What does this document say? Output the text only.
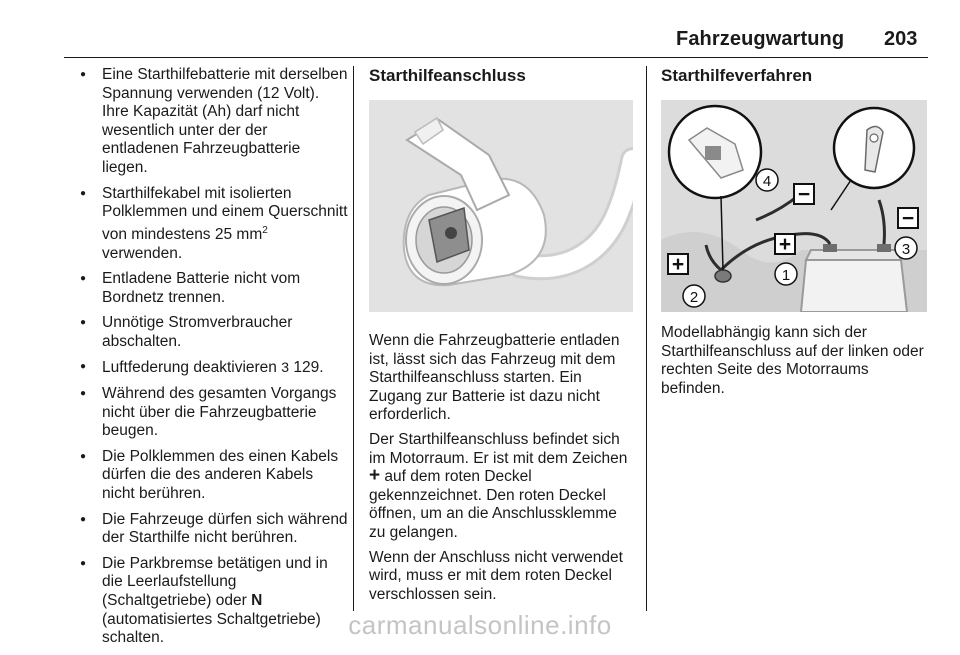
Fahrzeugwartung 203
● Eine Starthilfebatterie mit derselben Spannung verwenden (12 Volt). Ihre Kapazität (Ah) darf nicht wesentlich unter der der entladenen Fahrzeugbatterie liegen.
● Starthilfekabel mit isolierten Polklemmen und einem Querschnitt von mindestens 25 $mm^2$ verwenden.
● Entladene Batterie nicht vom Bordnetz trennen.
● Unnötige Stromverbraucher abschalten.
● Luftfederung deaktivieren 3 129.
● Während des gesamten Vorgangs nicht über die Fahrzeugbatterie beugen.
● Die Polklemmen des einen Kabels dürfen die des anderen Kabels nicht berühren.
● Die Fahrzeuge dürfen sich während der Starthilfe nicht berühren.
● Die Parkbremse betätigen und in die Leerlaufstellung (Schaltgetriebe) oder N (automatisiertes Schaltgetriebe) schalten.
Starthilfeanschluss

Wenn die Fahrzeugbatterie entladen ist, lässt sich das Fahrzeug mit dem Starthilfeanschluss starten. Ein Zugang zur Batterie ist dazu nicht erforderlich.

Der Starthilfeanschluss befindet sich im Motorraum. Er ist mit dem Zeichen + auf dem roten Deckel gekennzeichnet. Den roten Deckel öffnen, um an die Anschlussklemme zu gelangen.

Wenn der Anschluss nicht verwendet wird, muss er mit dem roten Deckel verschlossen sein.

Starthilfeverfahren
+
+
−
−
1
2
3
4

Modellabhängig kann sich der Starthilfeanschluss auf der linken oder rechten Seite des Motorraums befinden.

carmanualsonline.info
